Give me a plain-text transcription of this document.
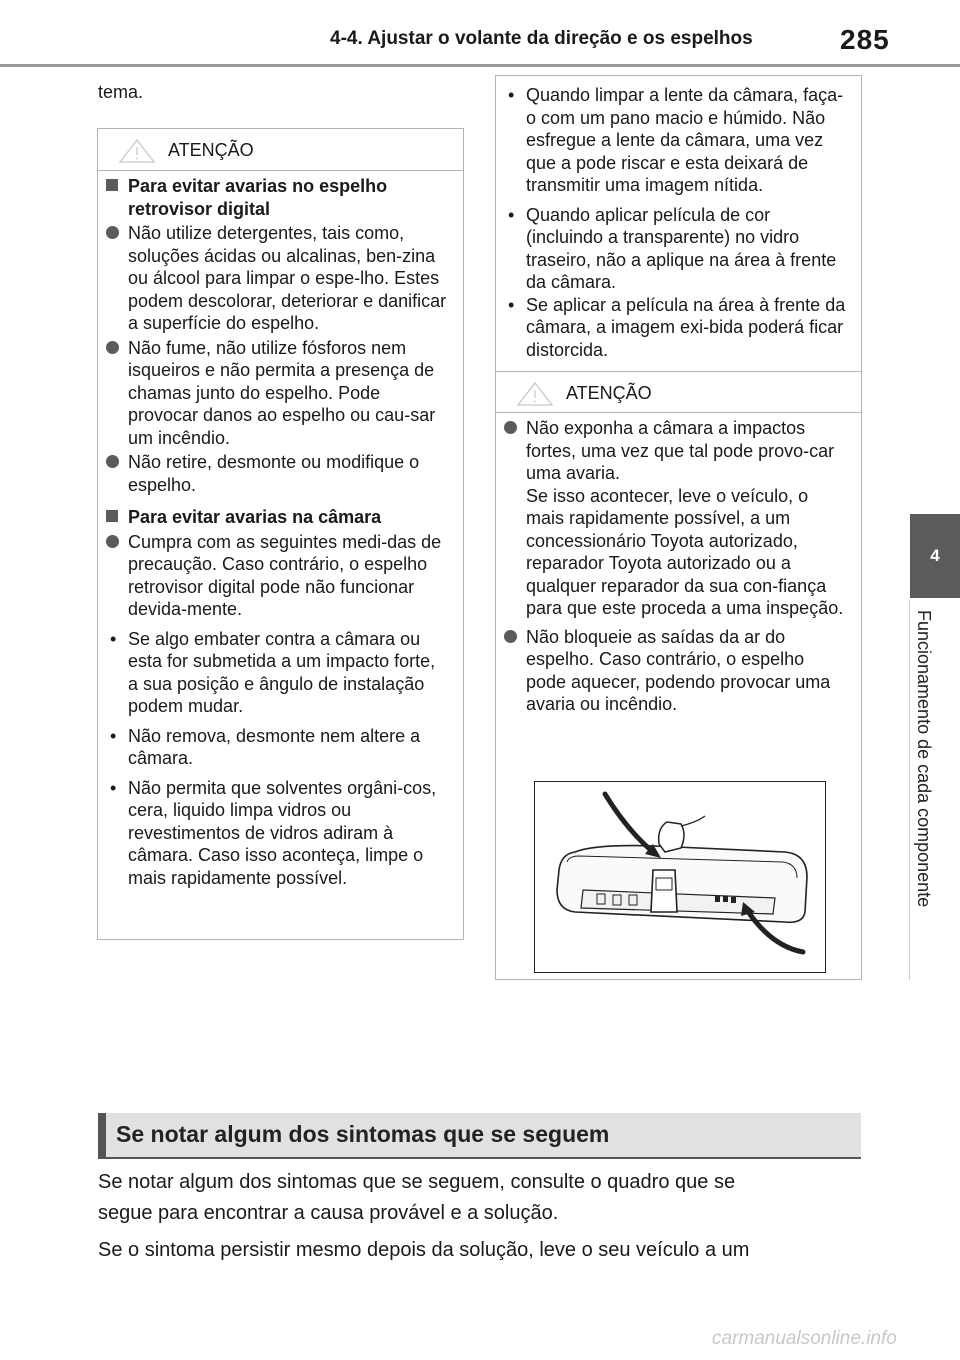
4-4. Ajustar o volante da direção e os espelhos	285
4
Funcionamento de cada componente
tema.
ATENÇÃO
Para evitar avarias no espelho retrovisor digital
Não utilize detergentes, tais como, soluções ácidas ou alcalinas, ben-zina ou álcool para limpar o espe-lho. Estes podem descolorar, deteriorar e danificar a superfície do espelho.
Não fume, não utilize fósforos nem isqueiros e não permita a presença de chamas junto do espelho. Pode provocar danos ao espelho ou cau-sar um incêndio.
Não retire, desmonte ou modifique o espelho.
Para evitar avarias na câmara
Cumpra com as seguintes medi-das de precaução. Caso contrário, o espelho retrovisor digital pode não funcionar devida-mente.
• Se algo embater contra a câmara ou esta for submetida a um impacto forte, a sua posição e ângulo de instalação podem mudar.
• Não remova, desmonte nem altere a câmara.
• Não permita que solventes orgâni-cos, cera, liquido limpa vidros ou revestimentos de vidros adiram à câmara. Caso isso aconteça, limpe o mais rapidamente possível.
• Quando limpar a lente da câmara, faça-o com um pano macio e húmido. Não esfregue a lente da câmara, uma vez que a pode riscar e esta deixará de transmitir uma imagem nítida.
• Quando aplicar película de cor (incluindo a transparente) no vidro traseiro, não a aplique na área à frente da câmara.
• Se aplicar a película na área à frente da câmara, a imagem exi-bida poderá ficar distorcida.
ATENÇÃO
Não exponha a câmara a impactos fortes, uma vez que tal pode provo-car uma avaria.
Se isso acontecer, leve o veículo, o mais rapidamente possível, a um concessionário Toyota autorizado, reparador Toyota autorizado ou a qualquer reparador da sua con-fiança para que este proceda a uma inspeção.
Não bloqueie as saídas da ar do espelho. Caso contrário, o espelho pode aquecer, podendo provocar uma avaria ou incêndio.
Se notar algum dos sintomas que se seguem
Se notar algum dos sintomas que se seguem, consulte o quadro que se
segue para encontrar a causa provável e a solução.
Se o sintoma persistir mesmo depois da solução, leve o seu veículo a um
carmanualsonline.info
